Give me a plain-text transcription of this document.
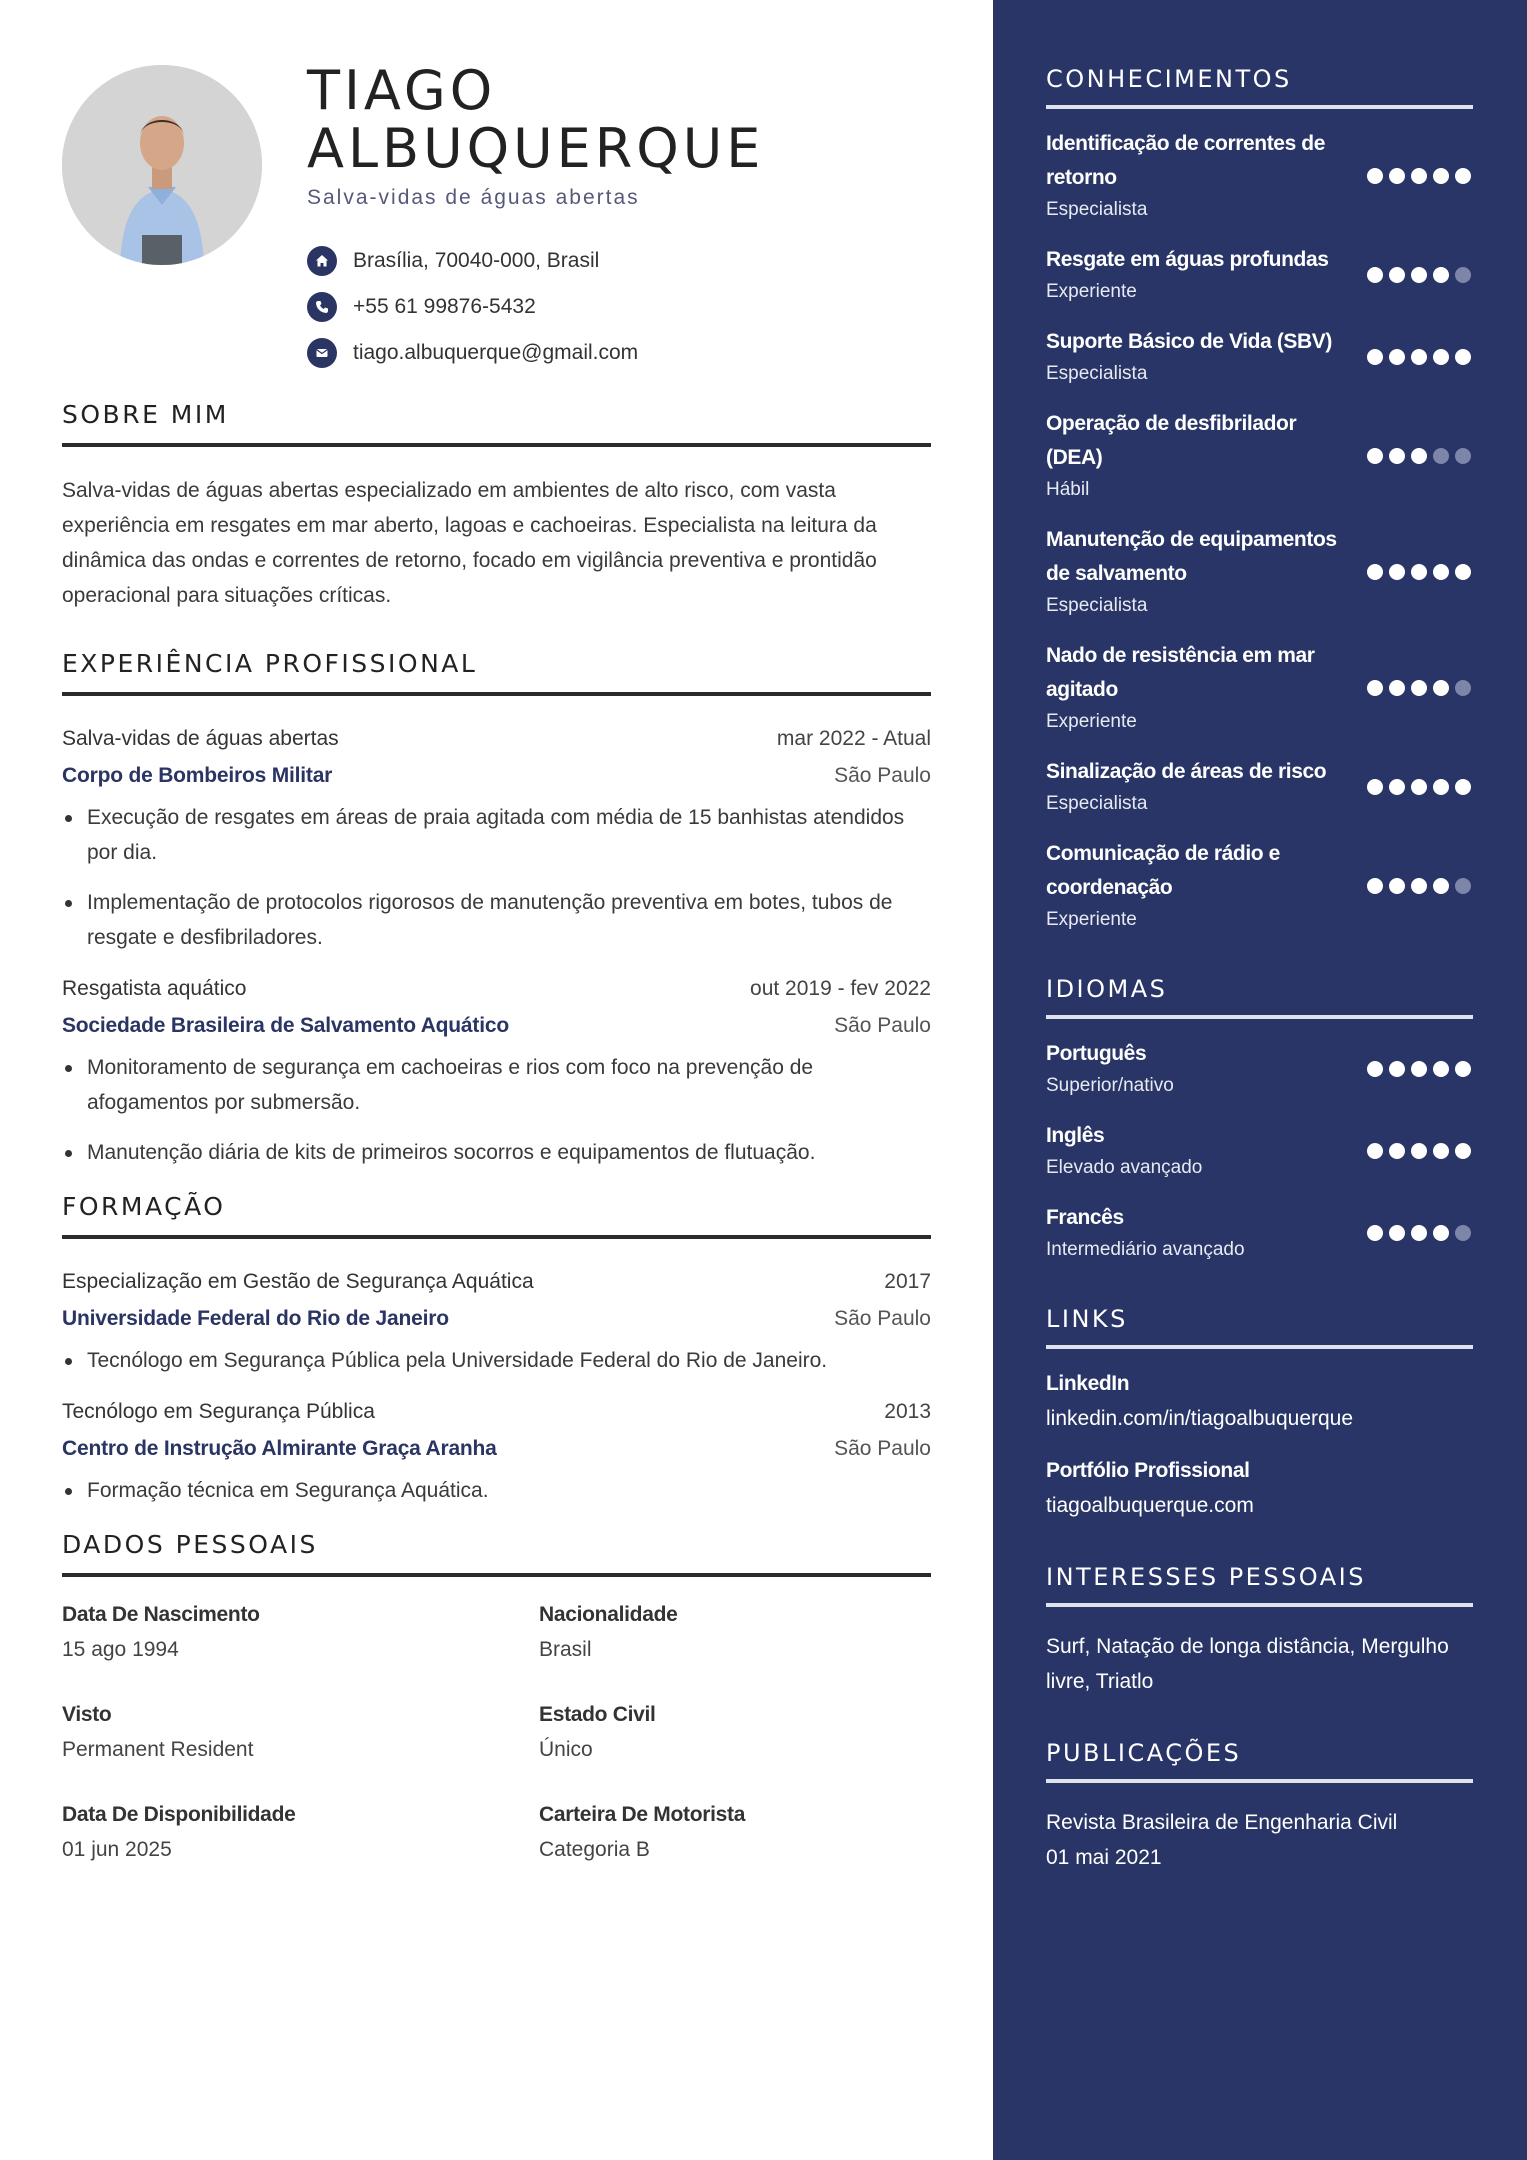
TIAGO
ALBUQUERQUE
Salva-vidas de águas abertas
Brasília, 70040-000, Brasil
+55 61 99876-5432
tiago.albuquerque@gmail.com
SOBRE MIM

Salva-vidas de águas abertas especializado em ambientes de alto risco, com vasta experiência em resgates em mar aberto, lagoas e cachoeiras. Especialista na leitura da dinâmica das ondas e correntes de retorno, focado em vigilância preventiva e prontidão operacional para situações críticas.

EXPERIÊNCIA PROFISSIONAL
Salva-vidas de águas abertas	mar 2022 - Atual
Corpo de Bombeiros Militar	São Paulo
Execução de resgates em áreas de praia agitada com média de 15 banhistas atendidos por dia.
Implementação de protocolos rigorosos de manutenção preventiva em botes, tubos de resgate e desfibriladores.
Resgatista aquático	out 2019 - fev 2022
Sociedade Brasileira de Salvamento Aquático	São Paulo
Monitoramento de segurança em cachoeiras e rios com foco na prevenção de afogamentos por submersão.
Manutenção diária de kits de primeiros socorros e equipamentos de flutuação.
FORMAÇÃO
Especialização em Gestão de Segurança Aquática	2017
Universidade Federal do Rio de Janeiro	São Paulo
Tecnólogo em Segurança Pública pela Universidade Federal do Rio de Janeiro.
Tecnólogo em Segurança Pública	2013
Centro de Instrução Almirante Graça Aranha	São Paulo
Formação técnica em Segurança Aquática.
DADOS PESSOAIS
Data De Nascimento
15 ago 1994
Nacionalidade
Brasil
Visto
Permanent Resident
Estado Civil
Único
Data De Disponibilidade
01 jun 2025
Carteira De Motorista
Categoria B
CONHECIMENTOS
Identificação de correntes de retorno
Especialista
Resgate em águas profundas
Experiente
Suporte Básico de Vida (SBV)
Especialista
Operação de desfibrilador (DEA)
Hábil
Manutenção de equipamentos de salvamento
Especialista
Nado de resistência em mar agitado
Experiente
Sinalização de áreas de risco
Especialista
Comunicação de rádio e coordenação
Experiente
IDIOMAS
Português
Superior/nativo
Inglês
Elevado avançado
Francês
Intermediário avançado
LINKS
LinkedIn
linkedin.com/in/tiagoalbuquerque
Portfólio Profissional
tiagoalbuquerque.com
INTERESSES PESSOAIS
Surf, Natação de longa distância, Mergulho livre, Triatlo
PUBLICAÇÕES
Revista Brasileira de Engenharia Civil
01 mai 2021
